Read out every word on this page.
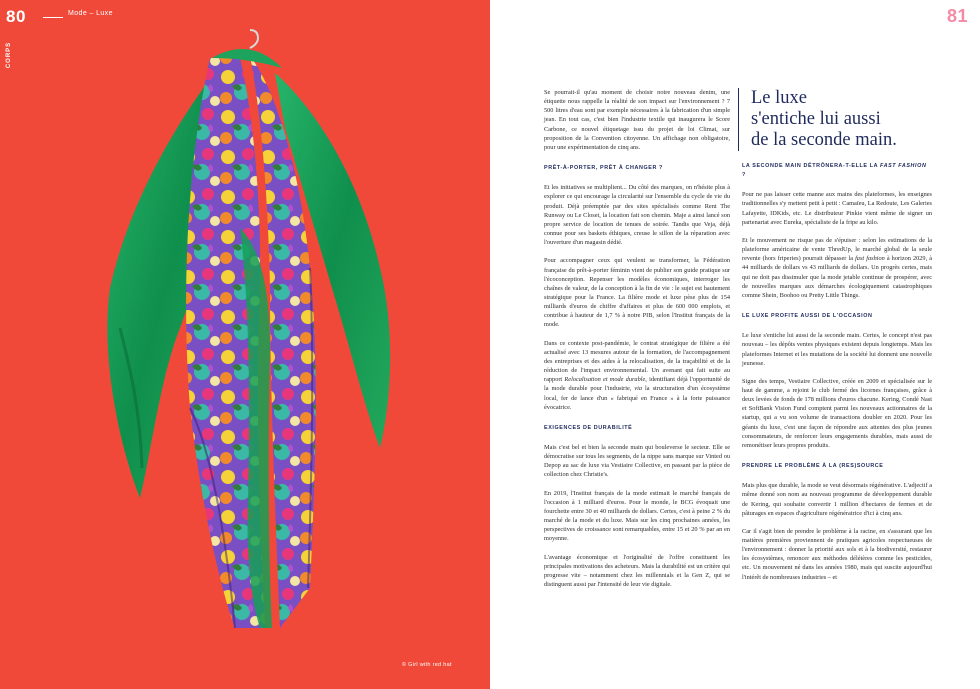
80	Mode – Luxe
CORPS
© Girl with red hat
81

Se pourrait-il qu'au moment de choisir notre nouveau denim, une étiquette nous rappelle la réalité de son impact sur l'environnement ? 7 500 litres d'eau sont par exemple nécessaires à la fabrication d'un simple jean. En tout cas, c'est bien l'industrie textile qui inaugurera le Score Carbone, ce nouvel étiquetage issu du projet de loi Climat, sur proposition de la Convention citoyenne. Un affichage non obligatoire, pour une expérimentation de cinq ans.

PRÊT-À-PORTER, PRÊT À CHANGER ?

Et les initiatives se multiplient... Du côté des marques, on n'hésite plus à explorer ce qui encourage la circularité sur l'ensemble du cycle de vie du produit. Déjà préemptée par des sites spécialisés comme Rent The Runway ou Le Closet, la location fait son chemin. Maje a ainsi lancé son propre service de location de tenues de soirée. Tandis que Veja, déjà connue pour ses baskets éthiques, creuse le sillon de la réparation avec l'ouverture d'un magasin dédié.

Pour accompagner ceux qui veulent se transformer, la Fédération française du prêt-à-porter féminin vient de publier son guide pratique sur l'écoconception. Repenser les modèles économiques, interroger les chaînes de valeur, de la conception à la fin de vie : le sujet est hautement stratégique pour la France. La filière mode et luxe pèse plus de 154 milliards d'euros de chiffre d'affaires et plus de 600 000 emplois, et contribue à hauteur de 1,7 % à notre PIB, selon l'Institut français de la mode.

Dans ce contexte post-pandémie, le contrat stratégique de filière a été actualisé avec 13 mesures autour de la formation, de l'accompagnement des entreprises et des aides à la relocalisation, de la traçabilité et de la réduction de l'impact environnemental. Un avenant qui fait suite au rapport Relocalisation et mode durable, identifiant déjà l'opportunité de la mode durable pour l'industrie, via la structuration d'un écosystème local, fer de lance d'un « fabriqué en France » à la forte puissance évocatrice.

EXIGENCES DE DURABILITÉ

Mais c'est bel et bien la seconde main qui bouleverse le secteur. Elle se démocratise sur tous les segments, de la nippe sans marque sur Vinted ou Depop au sac de luxe via Vestiaire Collective, en passant par la pièce de collection chez Christie's.

En 2019, l'Institut français de la mode estimait le marché français de l'occasion à 1 milliard d'euros. Pour le monde, le BCG évoquait une fourchette entre 30 et 40 milliards de dollars. Certes, c'est à peine 2 % du marché de la mode et du luxe. Mais sur les cinq prochaines années, les perspectives de croissance sont remarquables, entre 15 et 20 % par an en moyenne.

L'avantage économique et l'originalité de l'offre constituent les principales motivations des acheteurs. Mais la durabilité est un critère qui progresse vite – notamment chez les millennials et la Gen Z, qui se distinguent aussi par l'intensité de leur vie digitale.

Le luxe
s'entiche lui aussi
de la seconde main.
LA SECONDE MAIN DÉTRÔNERA-T-ELLE LA FAST FASHION ?

Pour ne pas laisser cette manne aux mains des plateformes, les enseignes traditionnelles s'y mettent petit à petit : Camaïeu, La Redoute, Les Galeries Lafayette, IDKids, etc. Le distributeur Pinkie vient même de signer un partenariat avec Eureka, spécialiste de la fripe au kilo.

Et le mouvement ne risque pas de s'épuiser : selon les estimations de la plateforme américaine de vente ThredUp, le marché global de la seule revente (hors friperies) pourrait dépasser la fast fashion à horizon 2029, à 44 milliards de dollars vs 43 milliards de dollars. Un progrès certes, mais qui ne doit pas dissimuler que la mode jetable continue de prospérer, avec de nouvelles marques aux démarches écologiquement catastrophiques comme Shein, Boohoo ou Pretty Little Things.

LE LUXE PROFITE AUSSI DE L'OCCASION

Le luxe s'entiche lui aussi de la seconde main. Certes, le concept n'est pas nouveau – les dépôts ventes physiques existent depuis longtemps. Mais les plateformes Internet et les mutations de la société lui donnent une nouvelle jeunesse.

Signe des temps, Vestiaire Collective, créée en 2009 et spécialisée sur le haut de gamme, a rejoint le club fermé des licornes françaises, grâce à deux levées de fonds de 178 millions d'euros chacune. Kering, Condé Nast et SoftBank Vision Fund comptent parmi les nouveaux actionnaires de la startup, qui a vu son volume de transactions doubler en 2020. Pour les géants du luxe, c'est une façon de répondre aux attentes des plus jeunes consommateurs, de renforcer leurs engagements durables, mais aussi de remonétiser leurs propres produits.

PRENDRE LE PROBLÈME À LA (RES)SOURCE

Mais plus que durable, la mode se veut désormais régénérative. L'adjectif a même donné son nom au nouveau programme de développement durable de Kering, qui souhaite convertir 1 million d'hectares de fermes et de pâturages en espaces d'agriculture régénératrice d'ici à cinq ans.

Car il s'agit bien de prendre le problème à la racine, en s'assurant que les matières premières proviennent de pratiques agricoles respectueuses de l'environnement : donner la priorité aux sols et à la biodiversité, restaurer les écosystèmes, renoncer aux méthodes délétères comme les pesticides, etc. Un mouvement né dans les années 1980, mais qui suscite aujourd'hui l'intérêt de nombreuses industries – et
